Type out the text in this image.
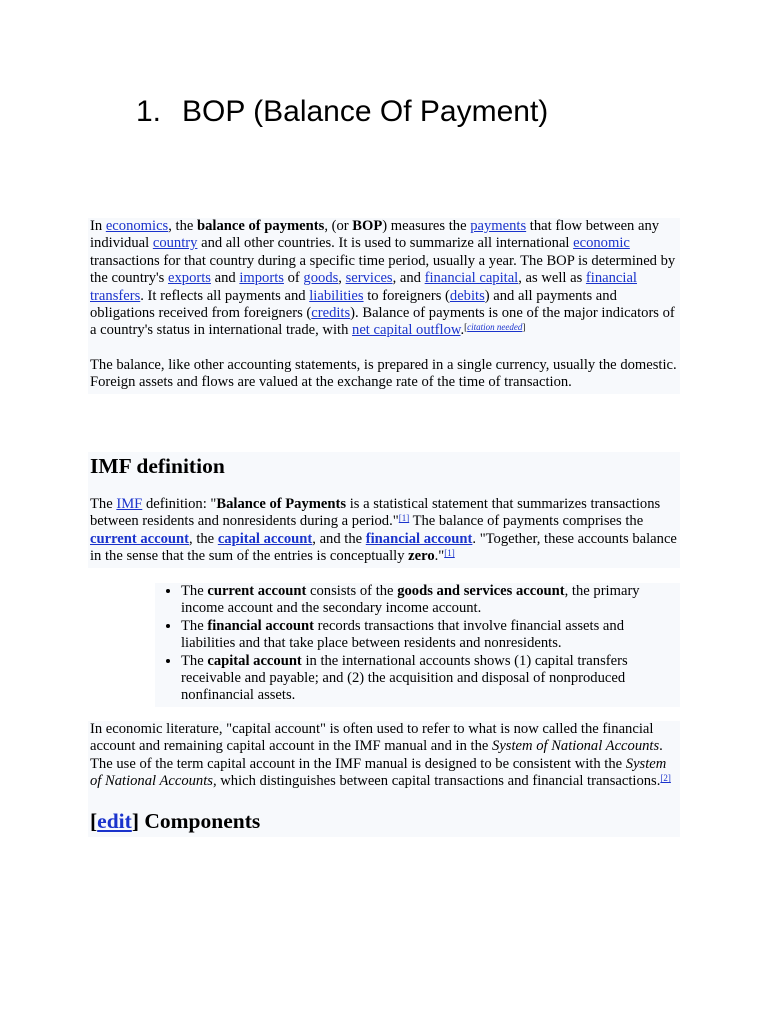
1. BOP (Balance Of Payment)
In economics, the balance of payments, (or BOP) measures the payments that flow between any individual country and all other countries. It is used to summarize all international economic transactions for that country during a specific time period, usually a year. The BOP is determined by the country's exports and imports of goods, services, and financial capital, as well as financial transfers. It reflects all payments and liabilities to foreigners (debits) and all payments and obligations received from foreigners (credits). Balance of payments is one of the major indicators of a country's status in international trade, with net capital outflow.[citation needed]
The balance, like other accounting statements, is prepared in a single currency, usually the domestic. Foreign assets and flows are valued at the exchange rate of the time of transaction.
IMF definition
The IMF definition: "Balance of Payments is a statistical statement that summarizes transactions between residents and nonresidents during a period."[1] The balance of payments comprises the current account, the capital account, and the financial account. "Together, these accounts balance in the sense that the sum of the entries is conceptually zero."[1]
• The current account consists of the goods and services account, the primary income account and the secondary income account.
• The financial account records transactions that involve financial assets and liabilities and that take place between residents and nonresidents.
• The capital account in the international accounts shows (1) capital transfers receivable and payable; and (2) the acquisition and disposal of nonproduced nonfinancial assets.
In economic literature, "capital account" is often used to refer to what is now called the financial account and remaining capital account in the IMF manual and in the System of National Accounts. The use of the term capital account in the IMF manual is designed to be consistent with the System of National Accounts, which distinguishes between capital transactions and financial transactions.[2]
[edit] Components
